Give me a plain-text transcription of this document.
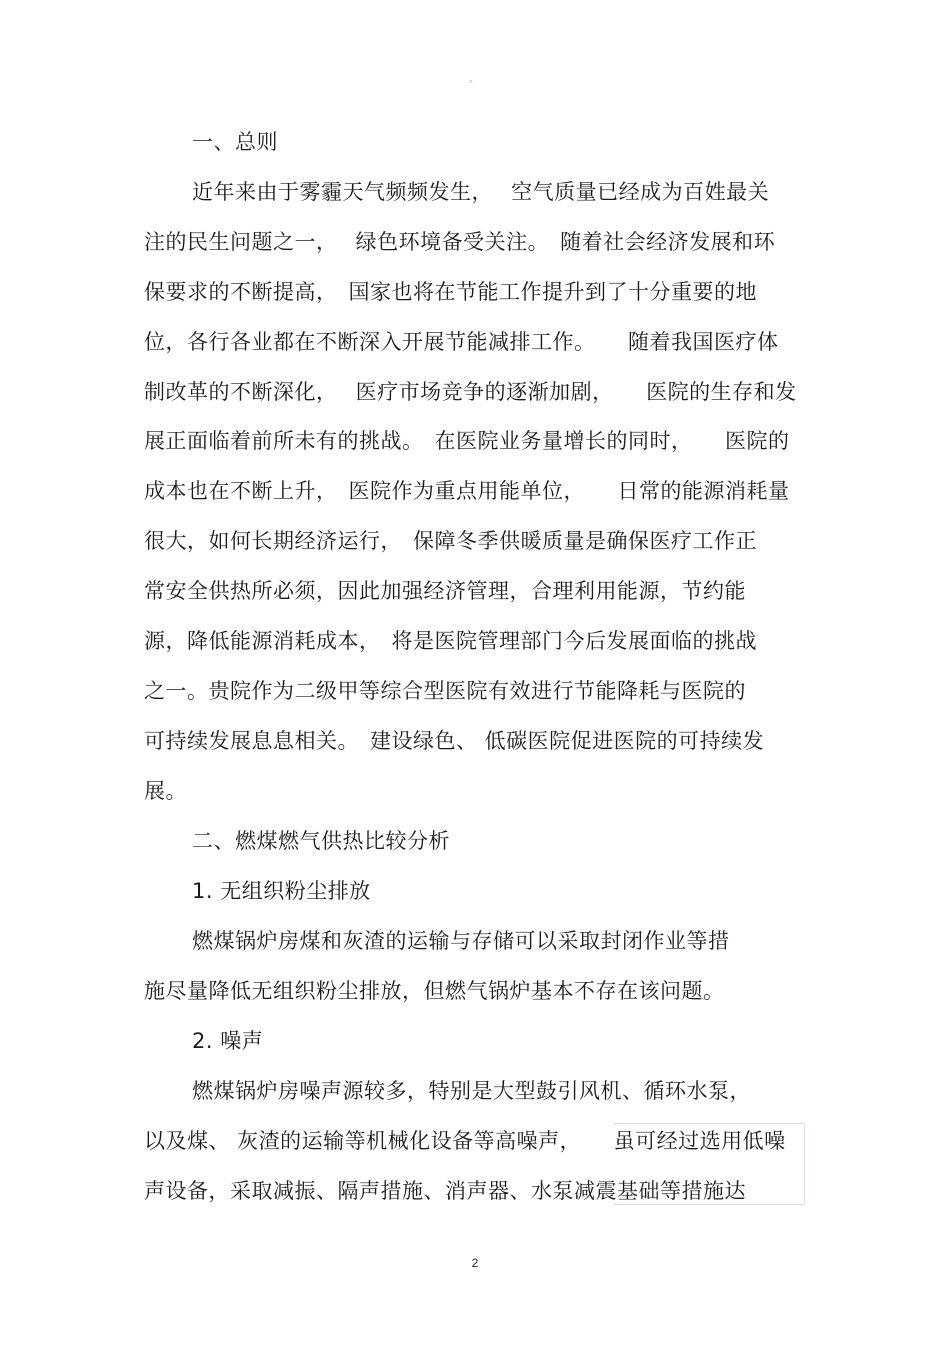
。
一、总则
近年来由于雾霾天气频频发生，　 空气质量已经成为百姓最关
注的民生问题之一，　 绿色环境备受关注。　随着社会经济发展和环
保要求的不断提高，　国家也将在节能工作提升到了十分重要的地
位，各行各业都在不断深入开展节能减排工作。　　随着我国医疗体
制改革的不断深化，　 医疗市场竞争的逐渐加剧，　　医院的生存和发
展正面临着前所未有的挑战。　在医院业务量增长的同时，　　医院的
成本也在不断上升，　医院作为重点用能单位，　　日常的能源消耗量
很大，如何长期经济运行，　保障冬季供暖质量是确保医疗工作正
常安全供热所必须，因此加强经济管理，合理利用能源，节约能
源，降低能源消耗成本，　将是医院管理部门今后发展面临的挑战
之一。贵院作为二级甲等综合型医院有效进行节能降耗与医院的
可持续发展息息相关。　建设绿色、 低碳医院促进医院的可持续发
展。
二、燃煤燃气供热比较分析
1. 无组织粉尘排放
燃煤锅炉房煤和灰渣的运输与存储可以采取封闭作业等措
施尽量降低无组织粉尘排放，但燃气锅炉基本不存在该问题。
2. 噪声
燃煤锅炉房噪声源较多，特别是大型鼓引风机、循环水泵，
以及煤、 灰渣的运输等机械化设备等高噪声，　　虽可经过选用低噪
声设备，采取减振、隔声措施、消声器、水泵减震基础等措施达
2
